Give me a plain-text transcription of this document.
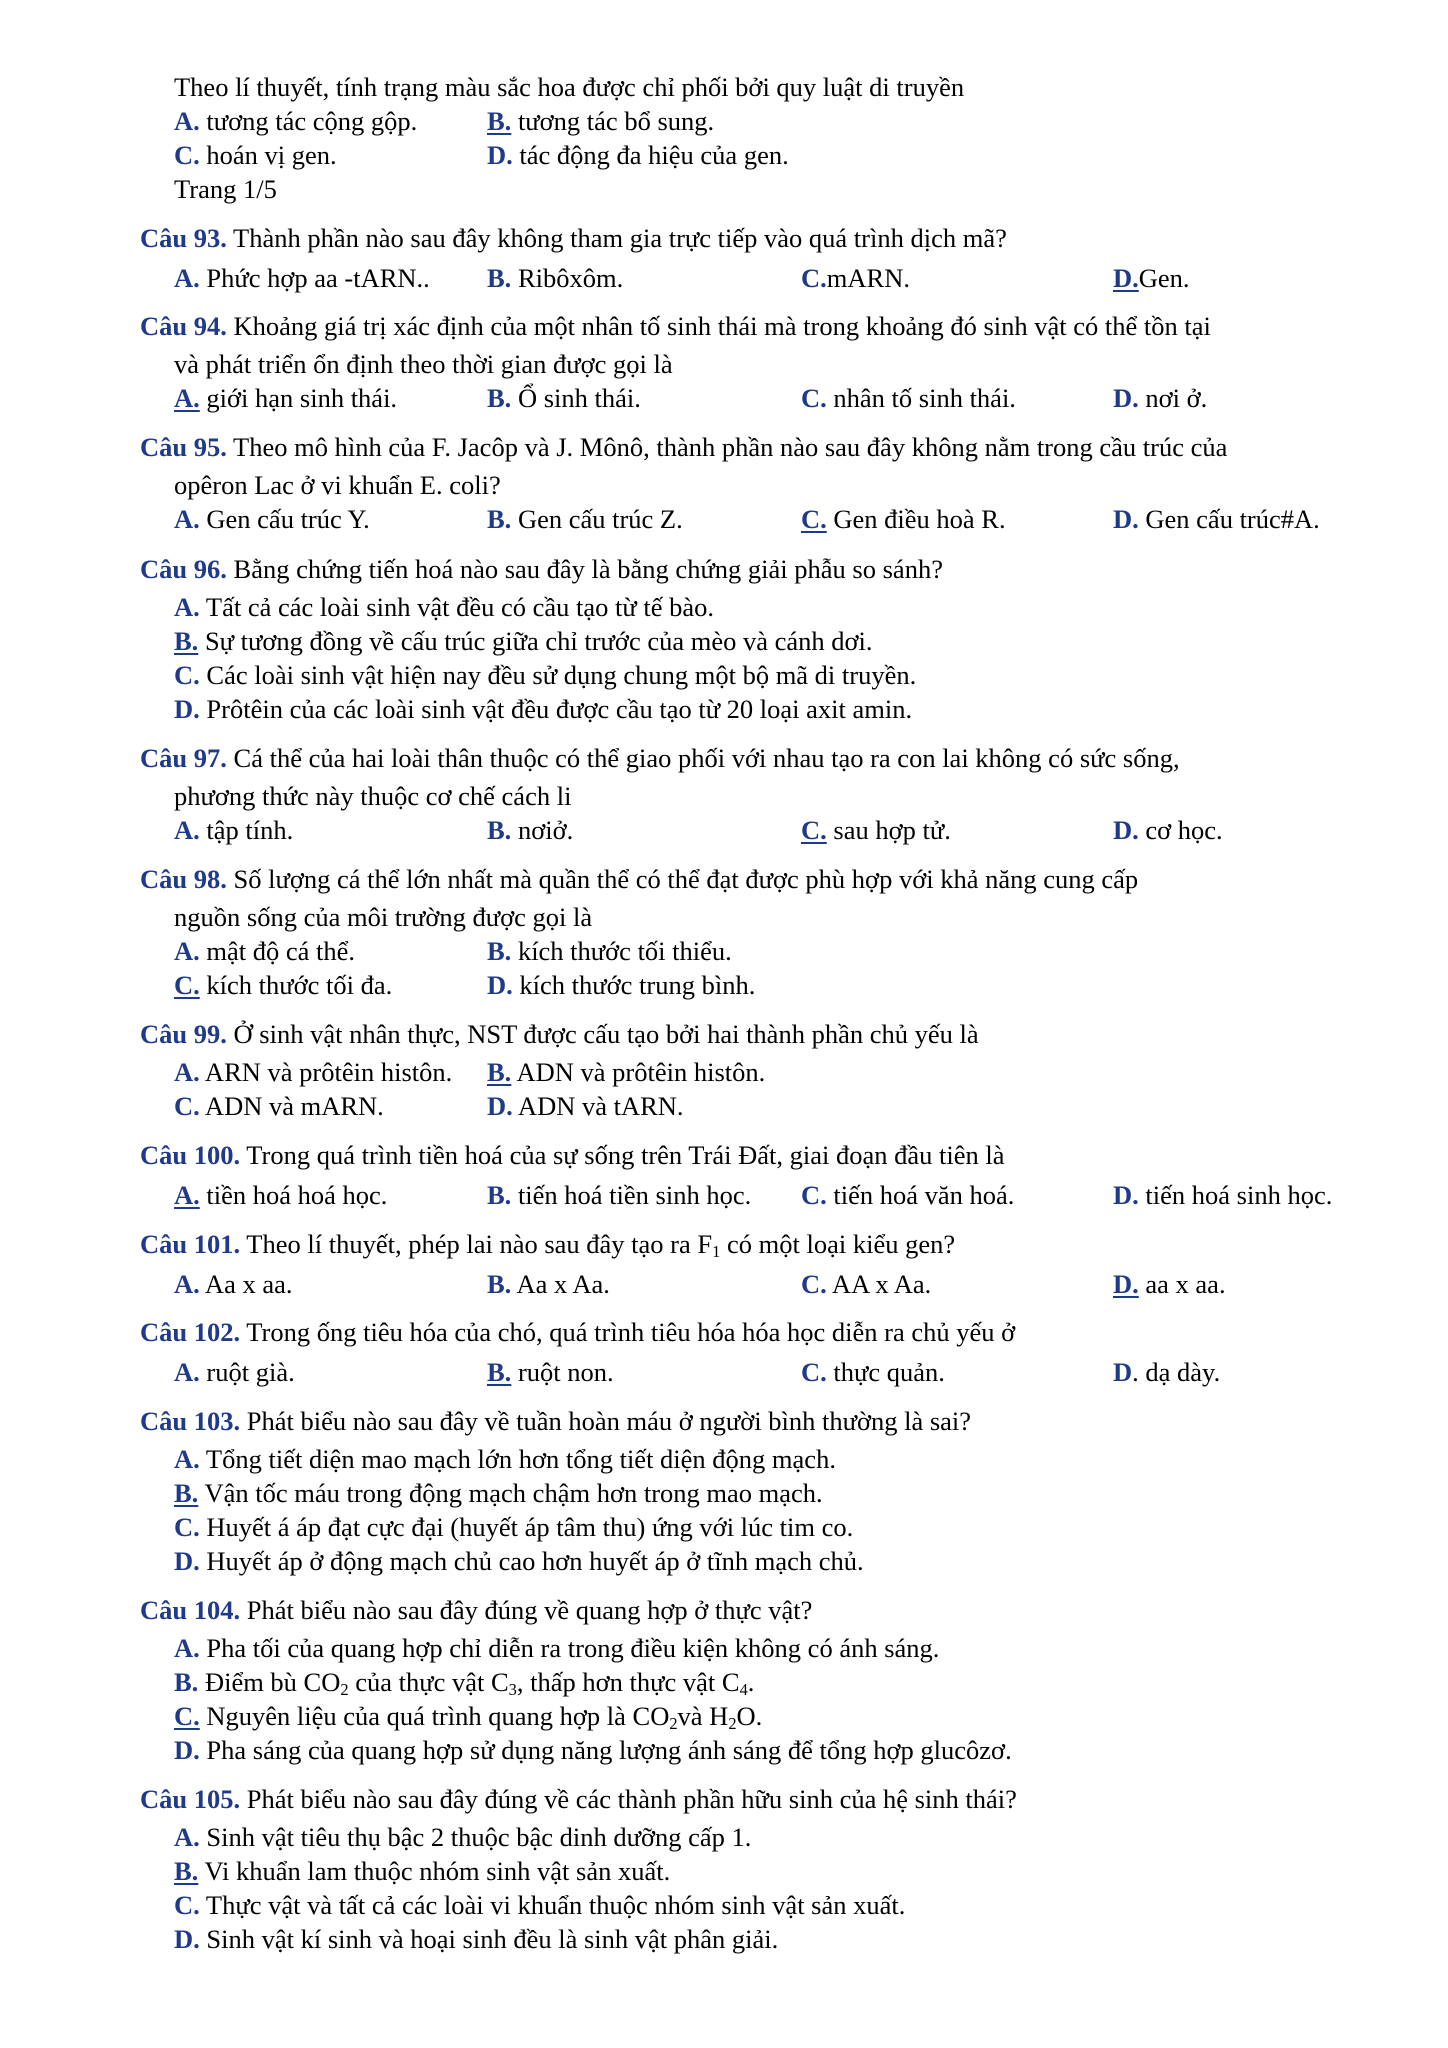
Theo lí thuyết, tính trạng màu sắc hoa được chỉ phối bởi quy luật di truyền
A. tương tác cộng gộp.	B. tương tác bổ sung.
C. hoán vị gen.	D. tác động đa hiệu của gen.
Trang 1/5
Câu 93. Thành phần nào sau đây không tham gia trực tiếp vào quá trình dịch mã?
A. Phức hợp aa -tARN.. B. Ribôxôm.	C.mARN.	D.Gen.
Câu 94. Khoảng giá trị xác định của một nhân tố sinh thái mà trong khoảng đó sinh vật có thể tồn tại
và phát triển ổn định theo thời gian được gọi là
A. giới hạn sinh thái.	B. Ổ sinh thái.	C. nhân tố sinh thái.	D. nơi ở.
Câu 95. Theo mô hình của F. Jacôp và J. Mônô, thành phần nào sau đây không nằm trong cầu trúc của
opêron Lac ở vi khuẩn E. coli?
A. Gen cấu trúc Y.	B. Gen cấu trúc Z.	C. Gen điều hoà R.	D. Gen cấu trúc#A.
Câu 96. Bằng chứng tiến hoá nào sau đây là bằng chứng giải phẫu so sánh?
A. Tất cả các loài sinh vật đều có cầu tạo từ tế bào.
B. Sự tương đồng về cấu trúc giữa chỉ trước của mèo và cánh dơi.
C. Các loài sinh vật hiện nay đều sử dụng chung một bộ mã di truyền.
D. Prôtêin của các loài sinh vật đều được cầu tạo từ 20 loại axit amin.
Câu 97. Cá thể của hai loài thân thuộc có thể giao phối với nhau tạo ra con lai không có sức sống,
phương thức này thuộc cơ chế cách li
A. tập tính.	B. nơiở.	C. sau hợp tử.	D. cơ học.
Câu 98. Số lượng cá thể lớn nhất mà quần thể có thể đạt được phù hợp với khả năng cung cấp
nguồn sống của môi trường được gọi là
A. mật độ cá thể.	B. kích thước tối thiểu.
C. kích thước tối đa.	D. kích thước trung bình.
Câu 99. Ở sinh vật nhân thực, NST được cấu tạo bởi hai thành phần chủ yếu là
A. ARN và prôtêin histôn. B. ADN và prôtêin histôn.
C. ADN và mARN.	D. ADN và tARN.
Câu 100. Trong quá trình tiền hoá của sự sống trên Trái Đất, giai đoạn đầu tiên là
A. tiền hoá hoá học.	B. tiến hoá tiền sinh học. C. tiến hoá văn hoá.	D. tiến hoá sinh học.
Câu 101. Theo lí thuyết, phép lai nào sau đây tạo ra $F_1$ có một loại kiểu gen?
A. Aa x aa.	B. Aa x Aa.	C. AA x Aa.	D. aa x aa.
Câu 102. Trong ống tiêu hóa của chó, quá trình tiêu hóa hóa học diễn ra chủ yếu ở
A. ruột già.	B. ruột non.	C. thực quản.	D. dạ dày.
Câu 103. Phát biểu nào sau đây về tuần hoàn máu ở người bình thường là sai?
A. Tổng tiết diện mao mạch lớn hơn tổng tiết diện động mạch.
B. Vận tốc máu trong động mạch chậm hơn trong mao mạch.
C. Huyết á áp đạt cực đại (huyết áp tâm thu) ứng với lúc tim co.
D. Huyết áp ở động mạch chủ cao hơn huyết áp ở tĩnh mạch chủ.
Câu 104. Phát biểu nào sau đây đúng về quang hợp ở thực vật?
A. Pha tối của quang hợp chỉ diễn ra trong điều kiện không có ánh sáng.
B. Điểm bù $CO_2$ của thực vật $C_3$, thấp hơn thực vật $C_4$.
C. Nguyên liệu của quá trình quang hợp là $CO_2và$ $H_2O$.
D. Pha sáng của quang hợp sử dụng năng lượng ánh sáng để tổng hợp glucôzơ.
Câu 105. Phát biểu nào sau đây đúng về các thành phần hữu sinh của hệ sinh thái?
A. Sinh vật tiêu thụ bậc 2 thuộc bậc dinh dưỡng cấp 1.
B. Vi khuẩn lam thuộc nhóm sinh vật sản xuất.
C. Thực vật và tất cả các loài vi khuẩn thuộc nhóm sinh vật sản xuất.
D. Sinh vật kí sinh và hoại sinh đều là sinh vật phân giải.
